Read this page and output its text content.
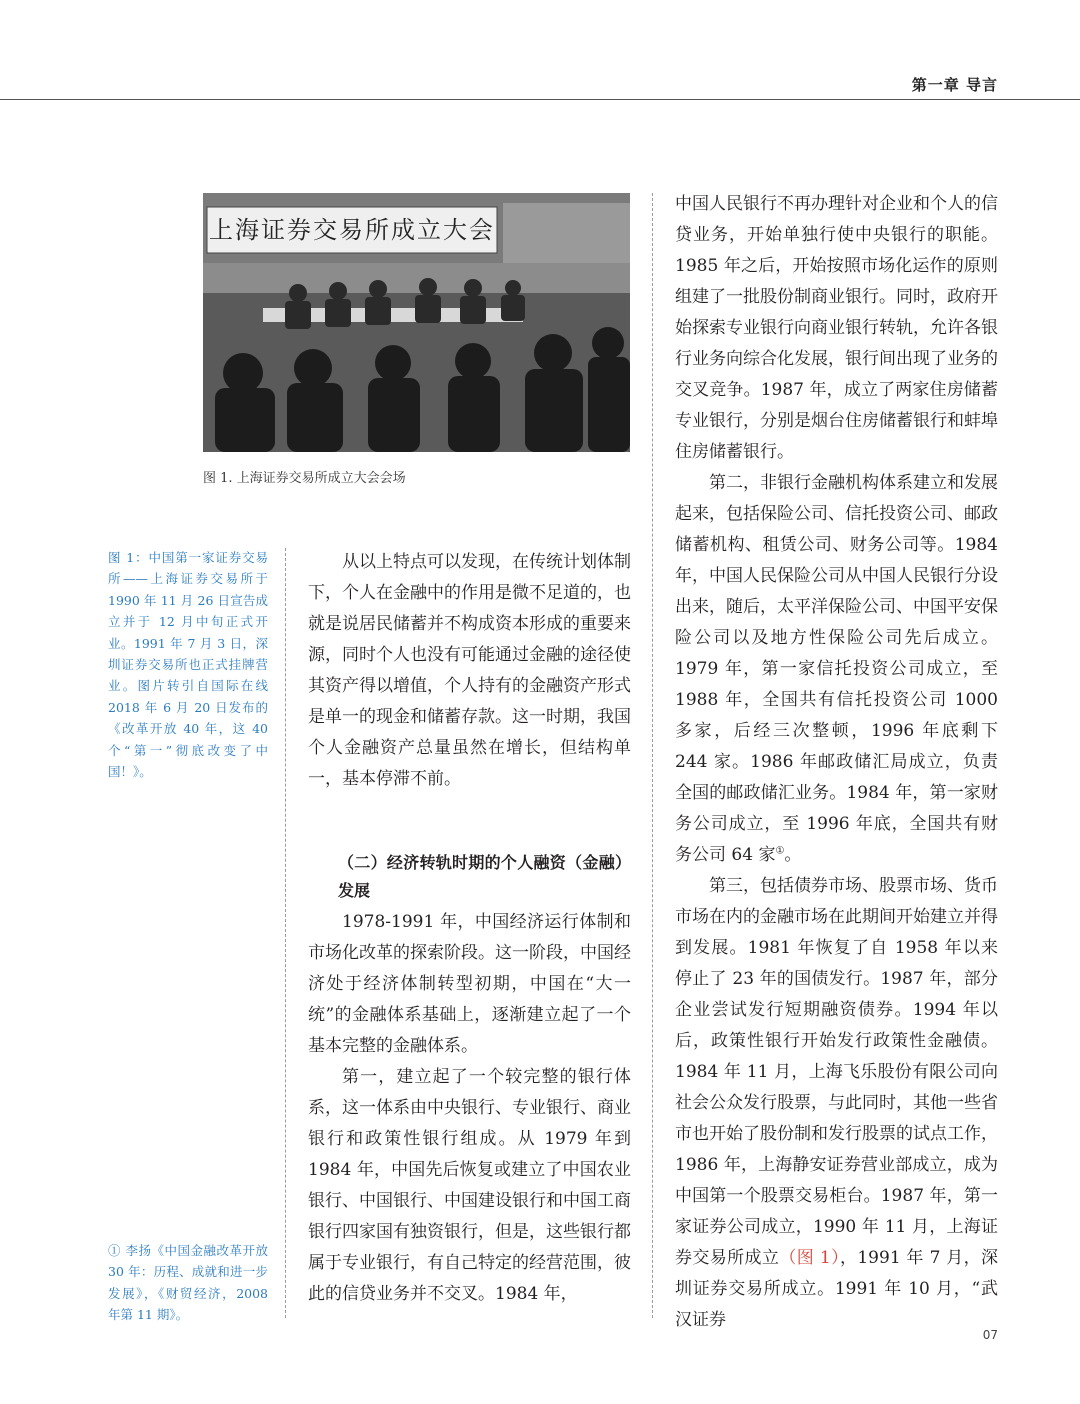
第一章 导言
上海证券交易所成立大会
图 1. 上海证券交易所成立大会会场
图 1：中国第一家证券交易所——上海证券交易所于 1990 年 11 月 26 日宣告成立并于 12 月中旬正式开业。1991 年 7 月 3 日，深圳证券交易所也正式挂牌营业。图片转引自国际在线 2018 年 6 月 20 日发布的《改革开放 40 年，这 40 个“第一”彻底改变了中国！》。
① 李扬《中国金融改革开放 30 年：历程、成就和进一步发展》，《财贸经济，2008 年第 11 期》。

从以上特点可以发现，在传统计划体制下，个人在金融中的作用是微不足道的，也就是说居民储蓄并不构成资本形成的重要来源，同时个人也没有可能通过金融的途径使其资产得以增值，个人持有的金融资产形式是单一的现金和储蓄存款。这一时期，我国个人金融资产总量虽然在增长，但结构单一，基本停滞不前。

（二）经济转轨时期的个人融资（金融）发展

1978-1991 年，中国经济运行体制和市场化改革的探索阶段。这一阶段，中国经济处于经济体制转型初期，中国在“大一统”的金融体系基础上，逐渐建立起了一个基本完整的金融体系。

第一，建立起了一个较完整的银行体系，这一体系由中央银行、专业银行、商业银行和政策性银行组成。从 1979 年到 1984 年，中国先后恢复或建立了中国农业银行、中国银行、中国建设银行和中国工商银行四家国有独资银行，但是，这些银行都属于专业银行，有自己特定的经营范围，彼此的信贷业务并不交叉。1984 年，

中国人民银行不再办理针对企业和个人的信贷业务，开始单独行使中央银行的职能。1985 年之后，开始按照市场化运作的原则组建了一批股份制商业银行。同时，政府开始探索专业银行向商业银行转轨，允许各银行业务向综合化发展，银行间出现了业务的交叉竞争。1987 年，成立了两家住房储蓄专业银行，分别是烟台住房储蓄银行和蚌埠住房储蓄银行。

第二，非银行金融机构体系建立和发展起来，包括保险公司、信托投资公司、邮政储蓄机构、租赁公司、财务公司等。1984 年，中国人民保险公司从中国人民银行分设出来，随后，太平洋保险公司、中国平安保险公司以及地方性保险公司先后成立。1979 年，第一家信托投资公司成立，至 1988 年，全国共有信托投资公司 1000 多家，后经三次整顿，1996 年底剩下 244 家。1986 年邮政储汇局成立，负责全国的邮政储汇业务。1984 年，第一家财务公司成立，至 1996 年底，全国共有财务公司 64 家①。

第三，包括债券市场、股票市场、货币市场在内的金融市场在此期间开始建立并得到发展。1981 年恢复了自 1958 年以来停止了 23 年的国债发行。1987 年，部分企业尝试发行短期融资债券。1994 年以后，政策性银行开始发行政策性金融债。1984 年 11 月，上海飞乐股份有限公司向社会公众发行股票，与此同时，其他一些省市也开始了股份制和发行股票的试点工作，1986 年，上海静安证券营业部成立，成为中国第一个股票交易柜台。1987 年，第一家证券公司成立，1990 年 11 月，上海证券交易所成立（图 1），1991 年 7 月，深圳证券交易所成立。1991 年 10 月，“武汉证券

07
